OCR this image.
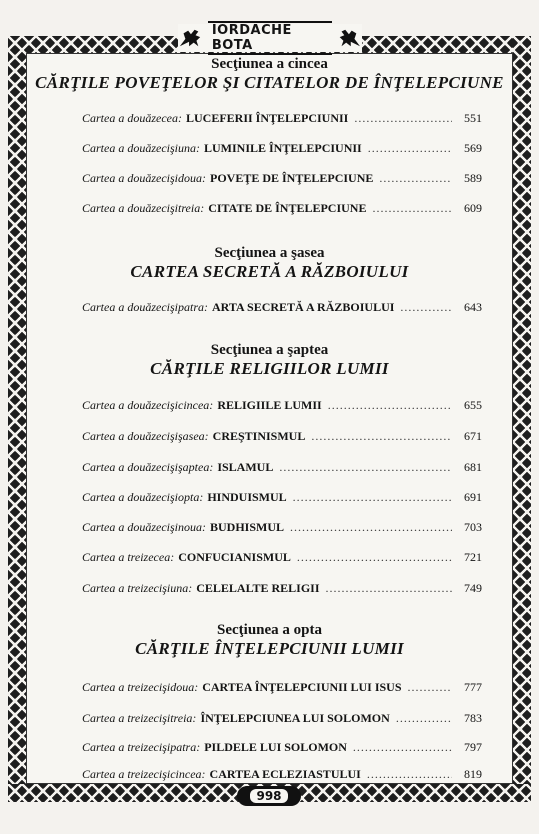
IORDACHE BOTA
Secţiunea a cincea
CĂRŢILE POVEŢELOR ŞI CITATELOR DE ÎNŢELEPCIUNE
Cartea a douăzecea: LUCEFERII ÎNŢELEPCIUNII .....	551
Cartea a douăzecişiuna: LUMINILE ÎNŢELEPCIUNII .....	569
Cartea a douăzecişidoua: POVEŢE DE ÎNŢELEPCIUNE .....	589
Cartea a douăzecişitreia: CITATE DE ÎNŢELEPCIUNE .....	609
Secţiunea a şasea
CARTEA SECRETĂ A RĂZBOIULUI
Cartea a douăzecişipatra: ARTA SECRETĂ A RĂZBOIULUI .....	643
Secţiunea a şaptea
CĂRŢILE RELIGIILOR LUMII
Cartea a douăzecişicincea: RELIGIILE LUMII .....	655
Cartea a douăzecişişasea: CREŞTINISMUL .....	671
Cartea a douăzecişişaptea: ISLAMUL .....	681
Cartea a douăzecişiopta: HINDUISMUL .....	691
Cartea a douăzecişinoua: BUDHISMUL .....	703
Cartea a treizecea: CONFUCIANISMUL .....	721
Cartea a treizecişiuna: CELELALTE RELIGII .....	749
Secţiunea a opta
CĂRŢILE ÎNŢELEPCIUNII LUMII
Cartea a treizecişidoua: CARTEA ÎNŢELEPCIUNII LUI ISUS .....	777
Cartea a treizecişitreia: ÎNŢELEPCIUNEA LUI SOLOMON .....	783
Cartea a treizecişipatra: PILDELE LUI SOLOMON .....	797
Cartea a treizecişicincea: CARTEA ECLEZIASTULUI .....	819
998
